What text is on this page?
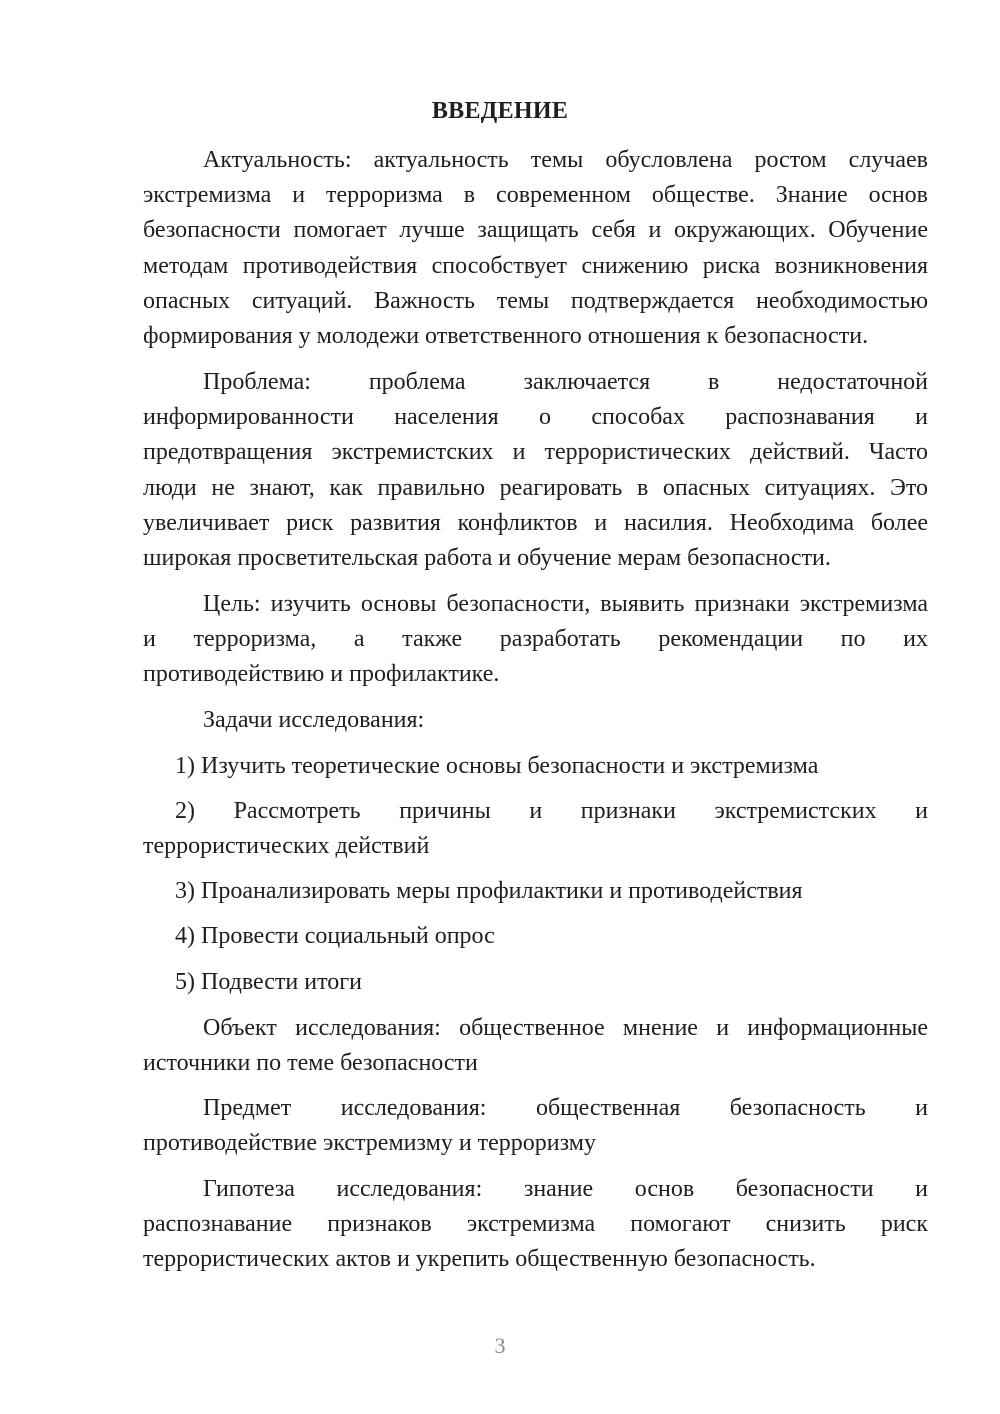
ВВЕДЕНИЕ
Актуальность: актуальность темы обусловлена ростом случаев
экстремизма и терроризма в современном обществе. Знание основ
безопасности помогает лучше защищать себя и окружающих. Обучение
методам противодействия способствует снижению риска возникновения
опасных ситуаций. Важность темы подтверждается необходимостью
формирования у молодежи ответственного отношения к безопасности.
Проблема: проблема заключается в недостаточной
информированности населения о способах распознавания и
предотвращения экстремистских и террористических действий. Часто
люди не знают, как правильно реагировать в опасных ситуациях. Это
увеличивает риск развития конфликтов и насилия. Необходима более
широкая просветительская работа и обучение мерам безопасности.
Цель: изучить основы безопасности, выявить признаки экстремизма
и терроризма, а также разработать рекомендации по их
противодействию и профилактике.
Задачи исследования:
1) Изучить теоретические основы безопасности и экстремизма
2) Рассмотреть причины и признаки экстремистских и
террористических действий
3) Проанализировать меры профилактики и противодействия
4) Провести социальный опрос
5) Подвести итоги
Объект исследования: общественное мнение и информационные
источники по теме безопасности
Предмет исследования: общественная безопасность и
противодействие экстремизму и терроризму
Гипотеза исследования: знание основ безопасности и
распознавание признаков экстремизма помогают снизить риск
террористических актов и укрепить общественную безопасность.
3
